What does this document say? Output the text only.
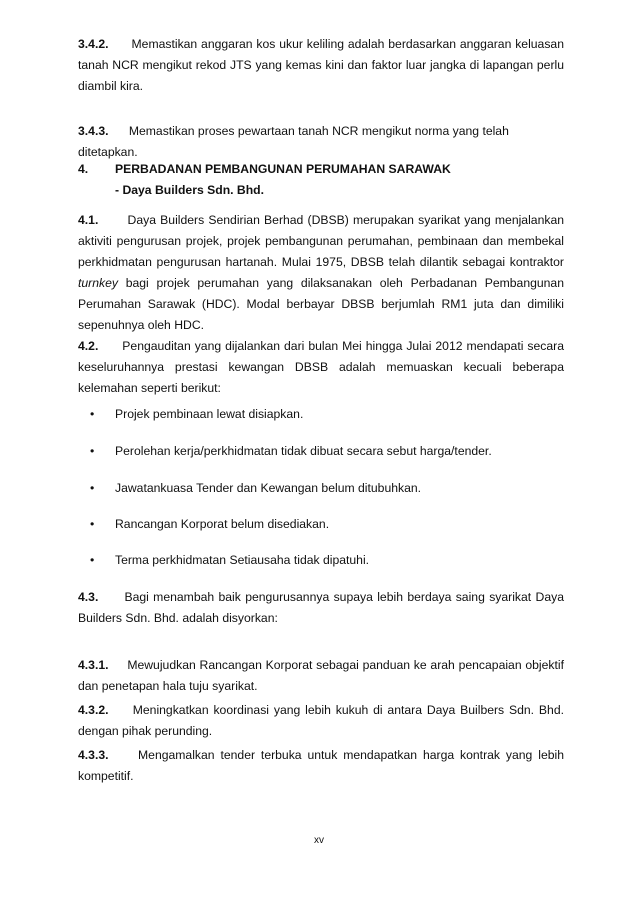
3.4.2. Memastikan anggaran kos ukur keliling adalah berdasarkan anggaran keluasan tanah NCR mengikut rekod JTS yang kemas kini dan faktor luar jangka di lapangan perlu diambil kira.

3.4.3. Memastikan proses pewartaan tanah NCR mengikut norma yang telah ditetapkan.

4. PERBADANAN PEMBANGUNAN PERUMAHAN SARAWAK

- Daya Builders Sdn. Bhd.

4.1. Daya Builders Sendirian Berhad (DBSB) merupakan syarikat yang menjalankan aktiviti pengurusan projek, projek pembangunan perumahan, pembinaan dan membekal perkhidmatan pengurusan hartanah. Mulai 1975, DBSB telah dilantik sebagai kontraktor turnkey bagi projek perumahan yang dilaksanakan oleh Perbadanan Pembangunan Perumahan Sarawak (HDC). Modal berbayar DBSB berjumlah RM1 juta dan dimiliki sepenuhnya oleh HDC.

4.2. Pengauditan yang dijalankan dari bulan Mei hingga Julai 2012 mendapati secara keseluruhannya prestasi kewangan DBSB adalah memuaskan kecuali beberapa kelemahan seperti berikut:

• Projek pembinaan lewat disiapkan.
• Perolehan kerja/perkhidmatan tidak dibuat secara sebut harga/tender.
• Jawatankuasa Tender dan Kewangan belum ditubuhkan.
• Rancangan Korporat belum disediakan.
• Terma perkhidmatan Setiausaha tidak dipatuhi.

4.3. Bagi menambah baik pengurusannya supaya lebih berdaya saing syarikat Daya Builders Sdn. Bhd. adalah disyorkan:

4.3.1. Mewujudkan Rancangan Korporat sebagai panduan ke arah pencapaian objektif dan penetapan hala tuju syarikat.

4.3.2. Meningkatkan koordinasi yang lebih kukuh di antara Daya Builbers Sdn. Bhd. dengan pihak perunding.

4.3.3. Mengamalkan tender terbuka untuk mendapatkan harga kontrak yang lebih kompetitif.

xv
